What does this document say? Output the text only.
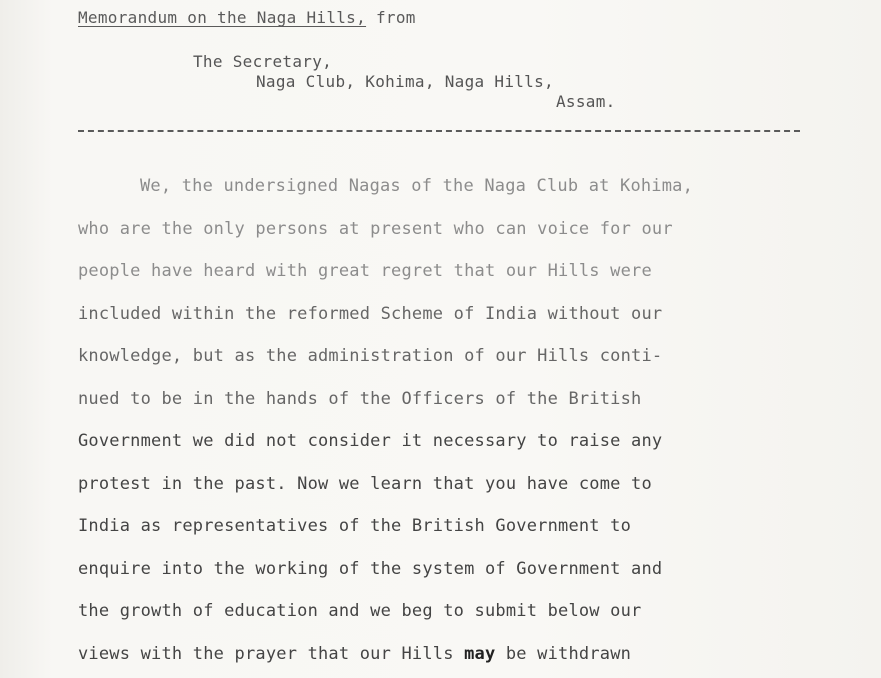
Memorandum on the Naga Hills, from
The Secretary,
Naga Club, Kohima, Naga Hills,
Assam.
We, the undersigned Nagas of the Naga Club at Kohima,
who are the only persons at present who can voice for our
people have heard with great regret that our Hills were
included within the reformed Scheme of India without our
knowledge, but as the administration of our Hills conti-
nued to be in the hands of the Officers of the British
Government we did not consider it necessary to raise any
protest in the past. Now we learn that you have come to
India as representatives of the British Government to
enquire into the working of the system of Government and
the growth of education and we beg to submit below our
views with the prayer that our Hills may be withdrawn
